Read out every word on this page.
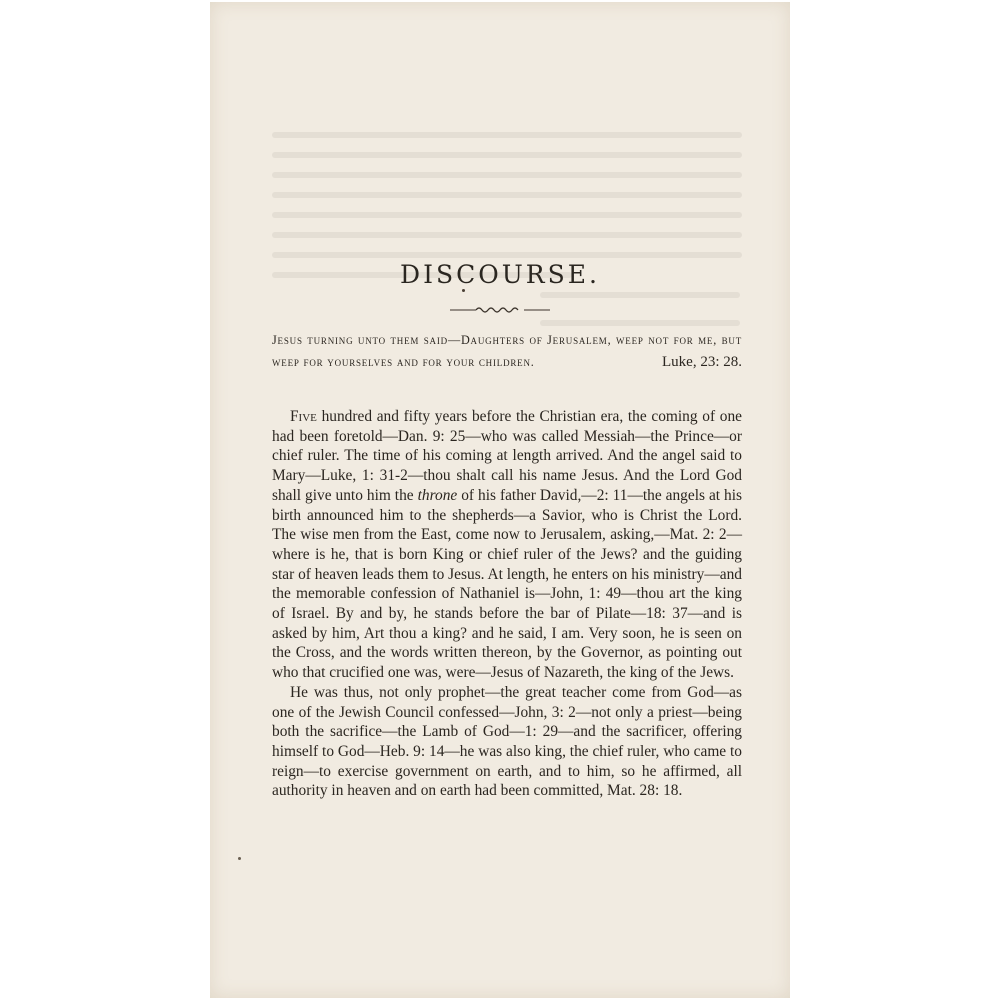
DISCOURSE.
Jesus turning unto them said—Daughters of Jerusalem, weep not for me, but weep for yourselves and for your children.	Luke, 23: 28.

Five hundred and fifty years before the Christian era, the coming of one had been foretold—Dan. 9: 25—who was called Messiah—the Prince—or chief ruler. The time of his coming at length arrived. And the angel said to Mary—Luke, 1: 31-2—thou shalt call his name Jesus. And the Lord God shall give unto him the throne of his father David,—2: 11—the angels at his birth announced him to the shepherds—a Savior, who is Christ the Lord. The wise men from the East, come now to Jerusalem, asking,—Mat. 2: 2—where is he, that is born King or chief ruler of the Jews? and the guiding star of heaven leads them to Jesus. At length, he enters on his ministry—and the memorable confession of Nathaniel is—John, 1: 49—thou art the king of Israel. By and by, he stands before the bar of Pilate—18: 37—and is asked by him, Art thou a king? and he said, I am. Very soon, he is seen on the Cross, and the words written thereon, by the Governor, as pointing out who that crucified one was, were—Jesus of Nazareth, the king of the Jews.

He was thus, not only prophet—the great teacher come from God—as one of the Jewish Council confessed—John, 3: 2—not only a priest—being both the sacrifice—the Lamb of God—1: 29—and the sacrificer, offering himself to God—Heb. 9: 14—he was also king, the chief ruler, who came to reign—to exercise government on earth, and to him, so he affirmed, all authority in heaven and on earth had been committed, Mat. 28: 18.
